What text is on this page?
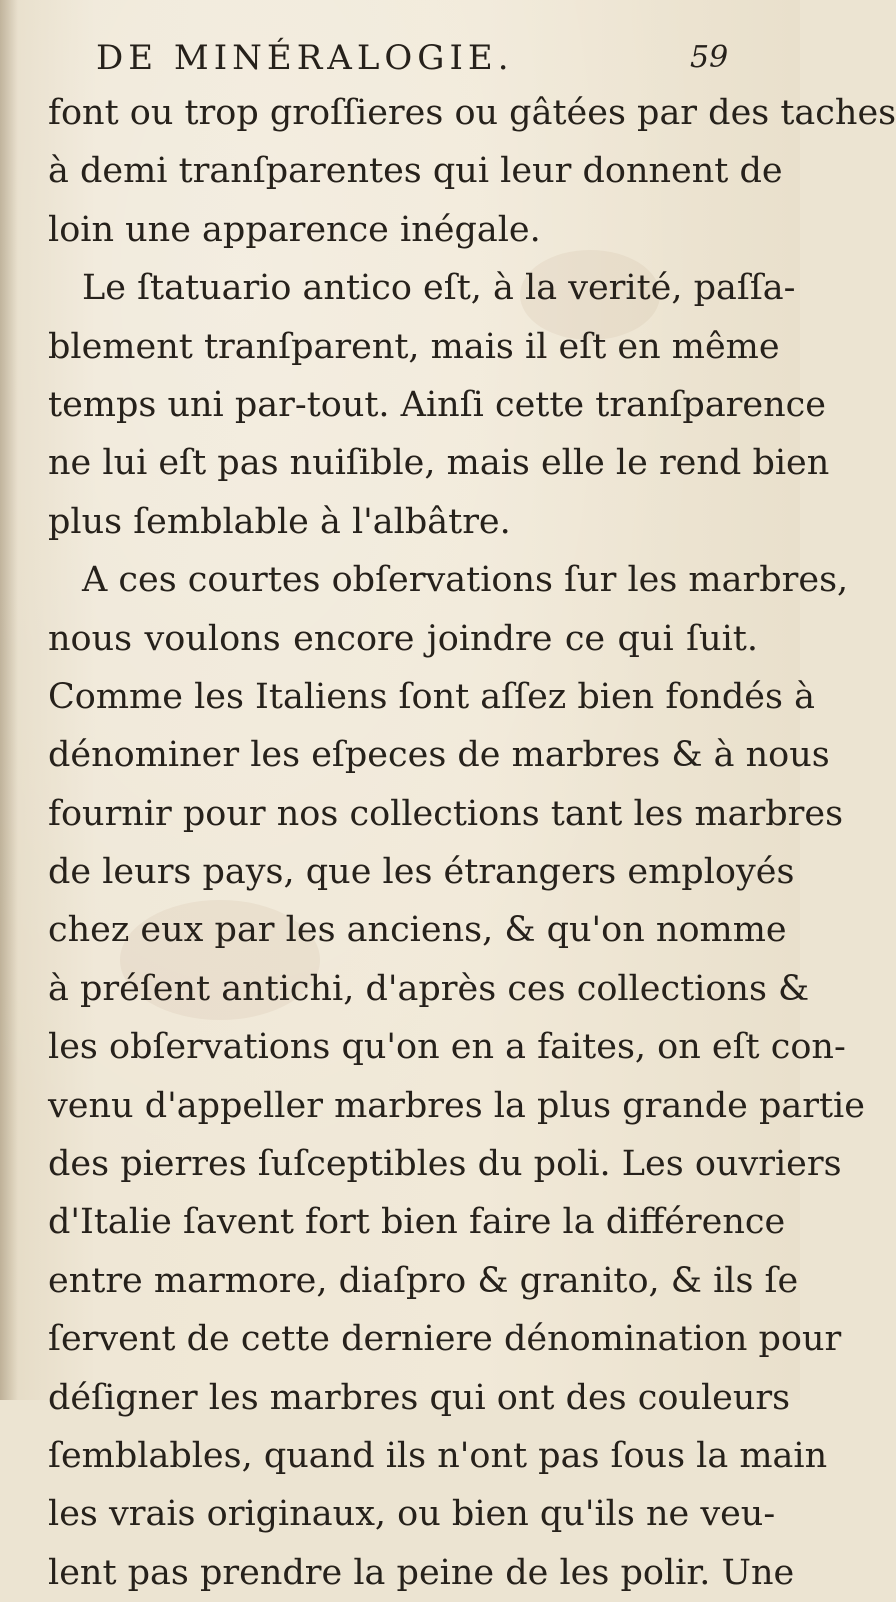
DE MINÉRALOGIE.	59
font ou trop groſſieres ou gâtées par des taches
à demi tranſparentes qui leur donnent de
loin une apparence inégale.
Le ſtatuario antico eſt, à la verité, paſſa-
blement tranſparent, mais il eſt en même
temps uni par-tout. Ainſi cette tranſparence
ne lui eſt pas nuiſible, mais elle le rend bien
plus ſemblable à l'albâtre.
A ces courtes obſervations ſur les marbres,
nous voulons encore joindre ce qui ſuit.
Comme les Italiens ſont aſſez bien fondés à
dénominer les eſpeces de marbres & à nous
fournir pour nos collections tant les marbres
de leurs pays, que les étrangers employés
chez eux par les anciens, & qu'on nomme
à préſent antichi, d'après ces collections &
les obſervations qu'on en a faites, on eſt con-
venu d'appeller marbres la plus grande partie
des pierres ſuſceptibles du poli. Les ouvriers
d'Italie ſavent fort bien faire la différence
entre marmore, diaſpro & granito, & ils ſe
ſervent de cette derniere dénomination pour
déſigner les marbres qui ont des couleurs
ſemblables, quand ils n'ont pas ſous la main
les vrais originaux, ou bien qu'ils ne veu-
lent pas prendre la peine de les polir. Une
